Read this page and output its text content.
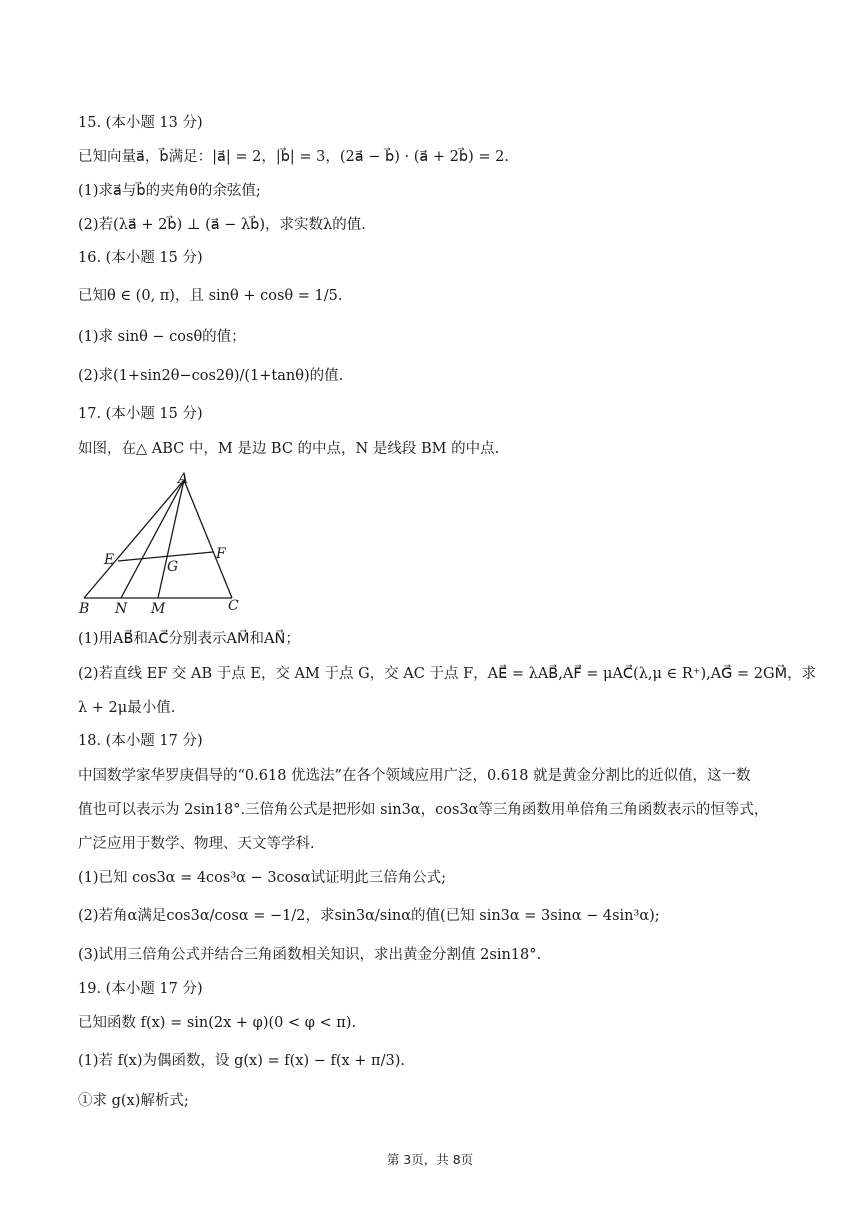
15. (本小题 13 分)
已知向量a⃗，b⃗满足：|a⃗| = 2，|b⃗| = 3，(2a⃗ − b⃗) · (a⃗ + 2b⃗) = 2.
(1)求a⃗与b⃗的夹角θ的余弦值;
(2)若(λa⃗ + 2b⃗) ⊥ (a⃗ − λb⃗)，求实数λ的值.
16. (本小题 15 分)
已知θ ∈ (0, π)，且 sinθ + cosθ = 1/5.
(1)求 sinθ − cosθ的值；
(2)求(1+sin2θ−cos2θ)/(1+tanθ)的值.
17. (本小题 15 分)
如图，在△ ABC 中，M 是边 BC 的中点，N 是线段 BM 的中点.
A
E	F
G
B N M	C
(1)用AB⃗和AC⃗分别表示AM⃗和AN⃗；
(2)若直线 EF 交 AB 于点 E，交 AM 于点 G，交 AC 于点 F，AE⃗ = λAB⃗,AF⃗ = μAC⃗(λ,μ ∈ R⁺),AG⃗ = 2GM⃗，求
λ + 2μ最小值.
18. (本小题 17 分)
中国数学家华罗庚倡导的“0.618 优选法”在各个领域应用广泛，0.618 就是黄金分割比的近似值，这一数
值也可以表示为 2sin18°.三倍角公式是把形如 sin3α，cos3α等三角函数用单倍角三角函数表示的恒等式，
广泛应用于数学、物理、天文等学科.
(1)已知 cos3α = 4cos³α − 3cosα试证明此三倍角公式;
(2)若角α满足cos3α/cosα = −1/2，求sin3α/sinα的值(已知 sin3α = 3sinα − 4sin³α);
(3)试用三倍角公式并结合三角函数相关知识，求出黄金分割值 2sin18°.
19. (本小题 17 分)
已知函数 f(x) = sin(2x + φ)(0 < φ < π).
(1)若 f(x)为偶函数，设 g(x) = f(x) − f(x + π/3).
①求 g(x)解析式;
第 3页，共 8页
